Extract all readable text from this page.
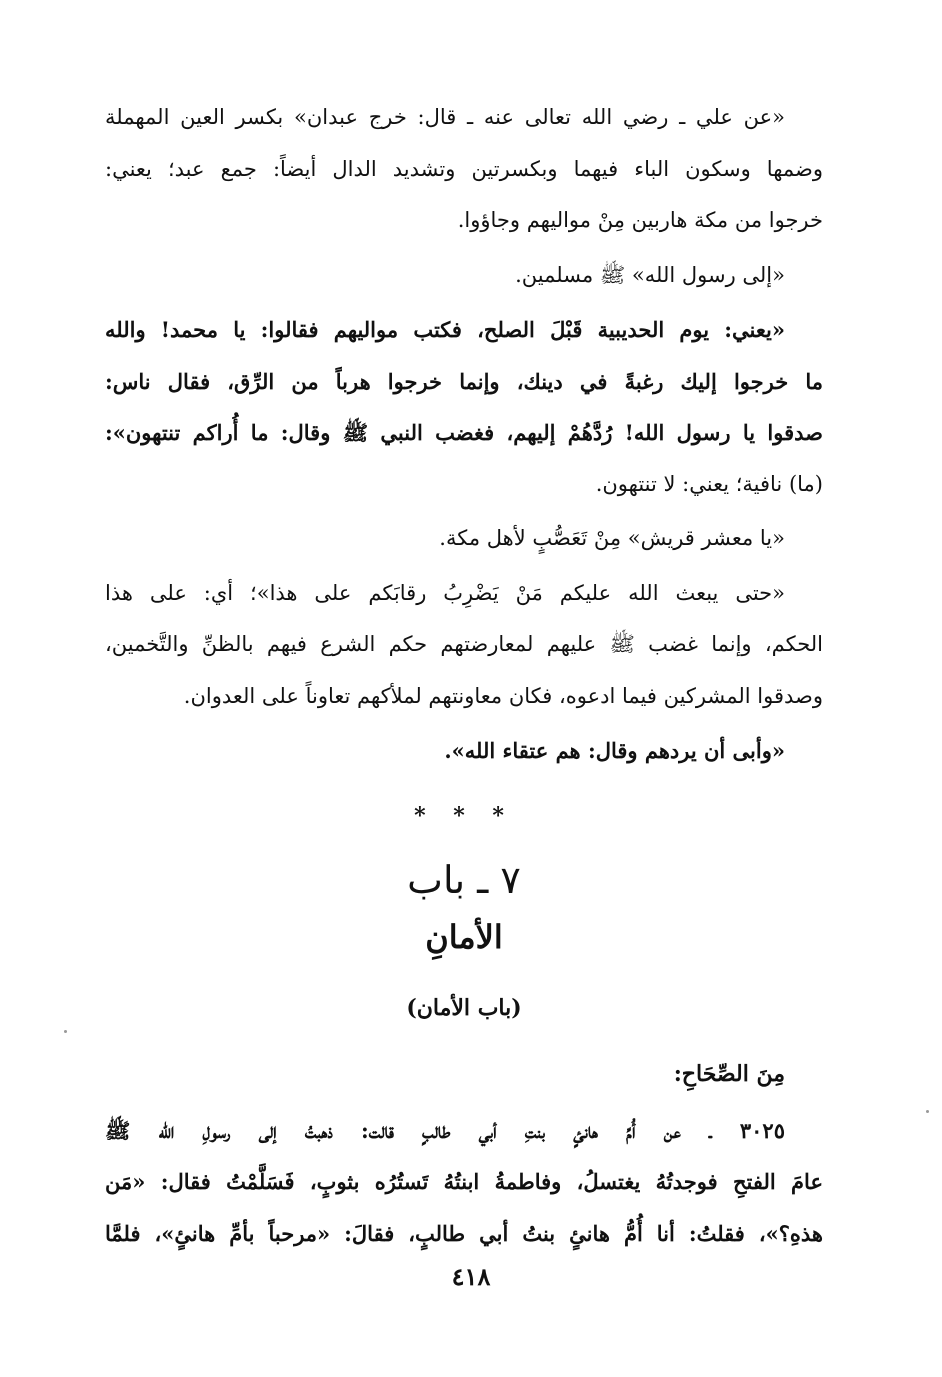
«عن علي ـ رضي الله تعالى عنه ـ قال: خرج عبدان» بكسر العين المهملة
وضمها وسكون الباء فيهما وبكسرتين وتشديد الدال أيضاً: جمع عبد؛ يعني:
خرجوا من مكة هاربين مِنْ مواليهم وجاؤوا.
«إلى رسول الله» ﷺ مسلمين.
«يعني: يوم الحديبية قَبْلَ الصلح، فكتب مواليهم فقالوا: يا محمد! والله
ما خرجوا إليك رغبةً في دينك، وإنما خرجوا هرباً من الرِّق، فقال ناس:
صدقوا يا رسول الله! رُدَّهُمْ إليهم، فغضب النبي ﷺ وقال: ما أُراكم تنتهون»:
(ما) نافية؛ يعني: لا تنتهون.
«يا معشر قريش» مِنْ تَعَصُّبٍ لأهل مكة.
«حتى يبعث الله عليكم مَنْ يَضْرِبُ رقابَكم على هذا»؛ أي: على هذا
الحكم، وإنما غضب ﷺ عليهم لمعارضتهم حكم الشرع فيهم بالظنِّ والتَّخمين،
وصدقوا المشركين فيما ادعوه، فكان معاونتهم لملأكهم تعاوناً على العدوان.
«وأبى أن يردهم وقال: هم عتقاء الله».
* * *
٧ ـ باب
الأمانِ
(باب الأمان)
مِنَ الصِّحَاحِ:
٣٠٢٥ ـ عن أُمِّ هانئٍ بنتِ أبي طالبٍ قالت: ذهبتُ إلى رسولِ الله ﷺ
عامَ الفتحِ فوجدتُهُ يغتسلُ، وفاطمةُ ابنتُهُ تَستُرُه بثوبٍ، فَسَلَّمْتُ فقال: «مَن
هذهِ؟»، فقلتُ: أنا أُمُّ هانئٍ بنتُ أبي طالبٍ، فقالَ: «مرحباً بأمِّ هانئٍ»، فلمَّا
٤١٨
